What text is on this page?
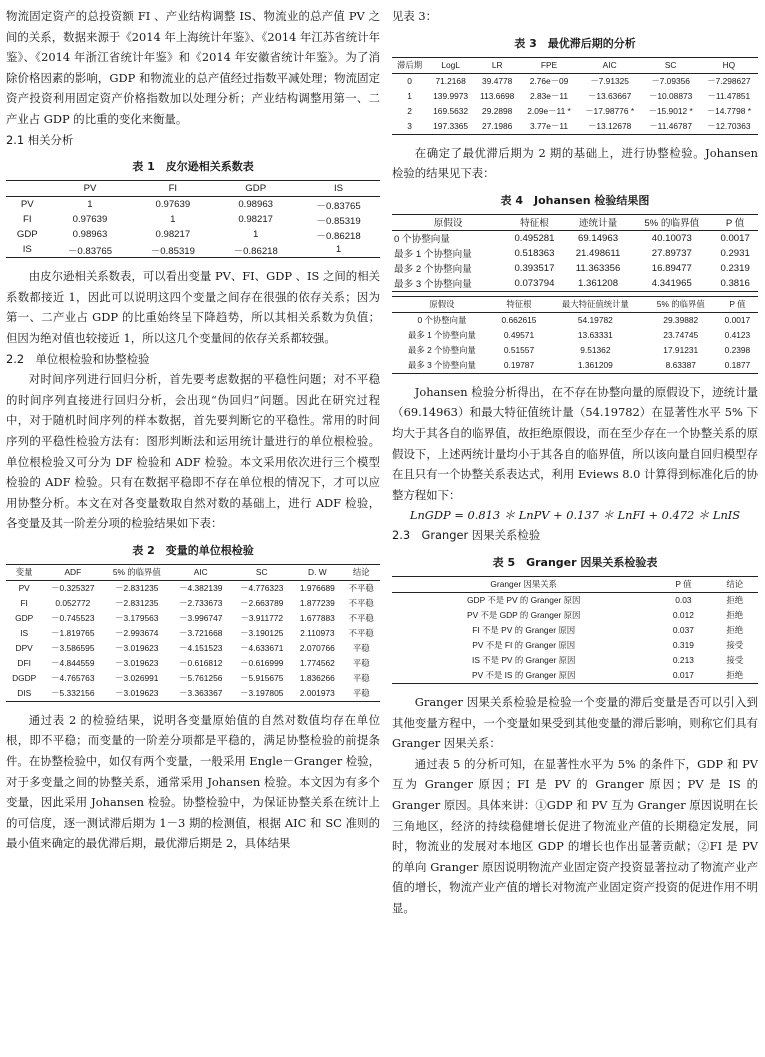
物流固定资产的总投资额 FI 、产业结构调整 IS、物流业的总产值 PV 之间的关系，数据来源于《2014 年上海统计年鉴》、《2014 年江苏省统计年鉴》、《2014 年浙江省统计年鉴》和《2014 年安徽省统计年鉴》。为了消除价格因素的影响，GDP 和物流业的总产值经过指数平减处理；物流固定资产投资利用固定资产价格指数加以处理分析；产业结构调整用第一、二产业占 GDP 的比重的变化来衡量。

2.1 相关分析

表 1　皮尔逊相关系数表
	PV	FI	GDP	IS
PV	1	0.97639	0.98963	－0.83765
FI	0.97639	1	0.98217	－0.85319
GDP	0.98963	0.98217	1	－0.86218
IS	－0.83765	－0.85319	－0.86218	1

由皮尔逊相关系数表，可以看出变量 PV、FI、GDP 、IS 之间的相关系数都接近 1，因此可以说明这四个变量之间存在很强的依存关系；因为第一、二产业占 GDP 的比重始终呈下降趋势，所以其相关系数为负值；但因为绝对值也较接近 1，所以这几个变量间的依存关系都较强。

2.2　单位根检验和协整检验

对时间序列进行回归分析，首先要考虑数据的平稳性问题；对不平稳的时间序列直接进行回归分析，会出现“伪回归”问题。因此在研究过程中，对于随机时间序列的样本数据，首先要判断它的平稳性。常用的时间序列的平稳性检验方法有：图形判断法和运用统计量进行的单位根检验。单位根检验又可分为 DF 检验和 ADF 检验。本文采用依次进行三个模型检验的 ADF 检验。只有在数据平稳即不存在单位根的情况下，才可以应用协整分析。本文在对各变量数取自然对数的基础上，进行 ADF 检验，各变量及其一阶差分项的检验结果如下表：

表 2　变量的单位根检验
变量	ADF	5% 的临界值	AIC	SC	D. W	结论
PV	－0.325327	－2.831235	－4.382139	－4.776323	1.976689	不平稳
FI	0.052772	－2.831235	－2.733673	－2.663789	1.877239	不平稳
GDP	－0.745523	－3.179563	－3.996747	－3.911772	1.677883	不平稳
IS	－1.819765	－2.993674	－3.721668	－3.190125	2.110973	不平稳
DPV	－3.586595	－3.019623	－4.151523	－4.633671	2.070766	平稳
DFI	－4.844559	－3.019623	－0.616812	－0.616999	1.774562	平稳
DGDP	－4.765763	－3.026991	－5.761256	－5.915675	1.836266	平稳
DIS	－5.332156	－3.019623	－3.363367	－3.197805	2.001973	平稳

通过表 2 的检验结果，说明各变量原始值的自然对数值均存在单位根，即不平稳；而变量的一阶差分项都是平稳的，满足协整检验的前提条件。在协整检验中，如仅有两个变量，一般采用 Engle－Granger 检验，对于多变量之间的协整关系，通常采用 Johansen 检验。本文因为有多个变量，因此采用 Johansen 检验。协整检验中，为保证协整关系在统计上的可信度，逐一测试滞后期为 1－3 期的检测值，根据 AIC 和 SC 准则的最小值来确定的最优滞后期，最优滞后期是 2，具体结果

见表 3：

表 3　最优滞后期的分析
滞后期	LogL	LR	FPE	AIC	SC	HQ
0	71.2168	39.4778	2.76e－09	－7.91325	－7.09356	－7.298627
1	139.9973	113.6698	2.83e－11	－13.63667	－10.08873	－11.47851
2	169.5632	29.2898	2.09e－11 *	－17.98776 *	－15.9012 *	－14.7798 *
3	197.3365	27.1986	3.77e－11	－13.12678	－11.46787	－12.70363

在确定了最优滞后期为 2 期的基础上，进行协整检验。Johansen 检验的结果见下表：

表 4　Johansen 检验结果图
原假设	特征根	迹统计量	5% 的临界值	P 值
0 个协整向量	0.495281	69.14963	40.10073	0.0017
最多 1 个协整向量	0.518363	21.498611	27.89737	0.2931
最多 2 个协整向量	0.393517	11.363356	16.89477	0.2319
最多 3 个协整向量	0.073794	1.361208	4.341965	0.3816
原假设	特征根	最大特征值统计量	5% 的临界值	P 值
0 个协整向量	0.662615	54.19782	29.39882	0.0017
最多 1 个协整向量	0.49571	13.63331	23.74745	0.4123
最多 2 个协整向量	0.51557	9.51362	17.91231	0.2398
最多 3 个协整向量	0.19787	1.361209	8.63387	0.1877

Johansen 检验分析得出，在不存在协整向量的原假设下，迹统计量（69.14963）和最大特征值统计量（54.19782）在显著性水平 5% 下均大于其各自的临界值，故拒绝原假设，而在至少存在一个协整关系的原假设下，上述两统计量均小于其各自的临界值，所以该向量自回归模型存在且只有一个协整关系表达式，利用 Eviews 8.0 计算得到标准化后的协整方程如下：

LnGDP = 0.813 ＊ LnPV + 0.137 ＊ LnFI + 0.472 ＊ LnIS

2.3　Granger 因果关系检验

表 5　Granger 因果关系检验表
Granger 因果关系	P 值	结论
GDP 不是 PV 的 Granger 原因	0.03	拒绝
PV 不是 GDP 的 Granger 原因	0.012	拒绝
FI 不是 PV 的 Granger 原因	0.037	拒绝
PV 不是 FI 的 Granger 原因	0.319	接受
IS 不是 PV 的 Granger 原因	0.213	接受
PV 不是 IS 的 Granger 原因	0.017	拒绝

Granger 因果关系检验是检验一个变量的滞后变量是否可以引入到其他变量方程中，一个变量如果受到其他变量的滞后影响，则称它们具有 Granger 因果关系：

通过表 5 的分析可知，在显著性水平为 5% 的条件下，GDP 和 PV 互为 Granger 原因；FI 是 PV 的 Granger 原因；PV 是 IS 的 Granger 原因。具体来讲：①GDP 和 PV 互为 Granger 原因说明在长三角地区，经济的持续稳健增长促进了物流业产值的长期稳定发展，同时，物流业的发展对本地区 GDP 的增长也作出显著贡献；②FI 是 PV 的单向 Granger 原因说明物流产业固定资产投资显著拉动了物流产业产值的增长，物流产业产值的增长对物流产业固定资产投资的促进作用不明显。
